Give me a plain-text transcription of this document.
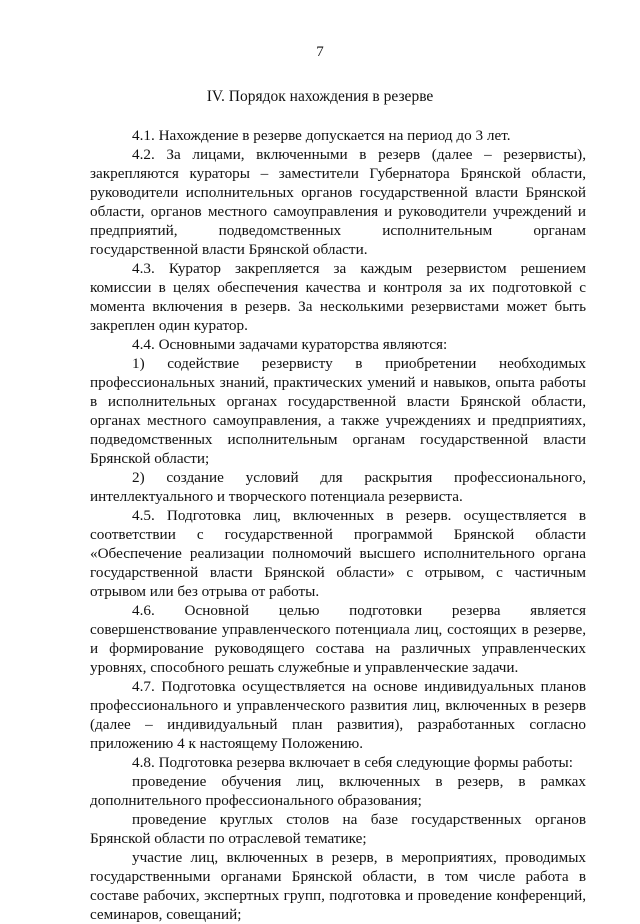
7
IV. Порядок нахождения в резерве

4.1. Нахождение в резерве допускается на период до 3 лет.

4.2. За лицами, включенными в резерв (далее – резервисты), закрепляются кураторы – заместители Губернатора Брянской области, руководители исполнительных органов государственной власти Брянской области, органов местного самоуправления и руководители учреждений и предприятий, подведомственных исполнительным органам государственной власти Брянской области.

4.3. Куратор закрепляется за каждым резервистом решением комиссии в целях обеспечения качества и контроля за их подготовкой с момента включения в резерв. За несколькими резервистами может быть закреплен один куратор.

4.4. Основными задачами кураторства являются:

1) содействие резервисту в приобретении необходимых профессиональных знаний, практических умений и навыков, опыта работы в исполнительных органах государственной власти Брянской области, органах местного самоуправления, а также учреждениях и предприятиях, подведомственных исполнительным органам государственной власти Брянской области;

2) создание условий для раскрытия профессионального, интеллектуального и творческого потенциала резервиста.

4.5. Подготовка лиц, включенных в резерв. осуществляется в соответствии с государственной программой Брянской области «Обеспечение реализации полномочий высшего исполнительного органа государственной власти Брянской области» с отрывом, с частичным отрывом или без отрыва от работы.

4.6. Основной целью подготовки резерва является совершенствование управленческого потенциала лиц, состоящих в резерве, и формирование руководящего состава на различных управленческих уровнях, способного решать служебные и управленческие задачи.

4.7. Подготовка осуществляется на основе индивидуальных планов профессионального и управленческого развития лиц, включенных в резерв (далее – индивидуальный план развития), разработанных согласно приложению 4 к настоящему Положению.

4.8. Подготовка резерва включает в себя следующие формы работы:

проведение обучения лиц, включенных в резерв, в рамках дополнительного профессионального образования;

проведение круглых столов на базе государственных органов Брянской области по отраслевой тематике;

участие лиц, включенных в резерв, в мероприятиях, проводимых государственными органами Брянской области, в том числе работа в составе рабочих, экспертных групп, подготовка и проведение конференций, семинаров, совещаний;
